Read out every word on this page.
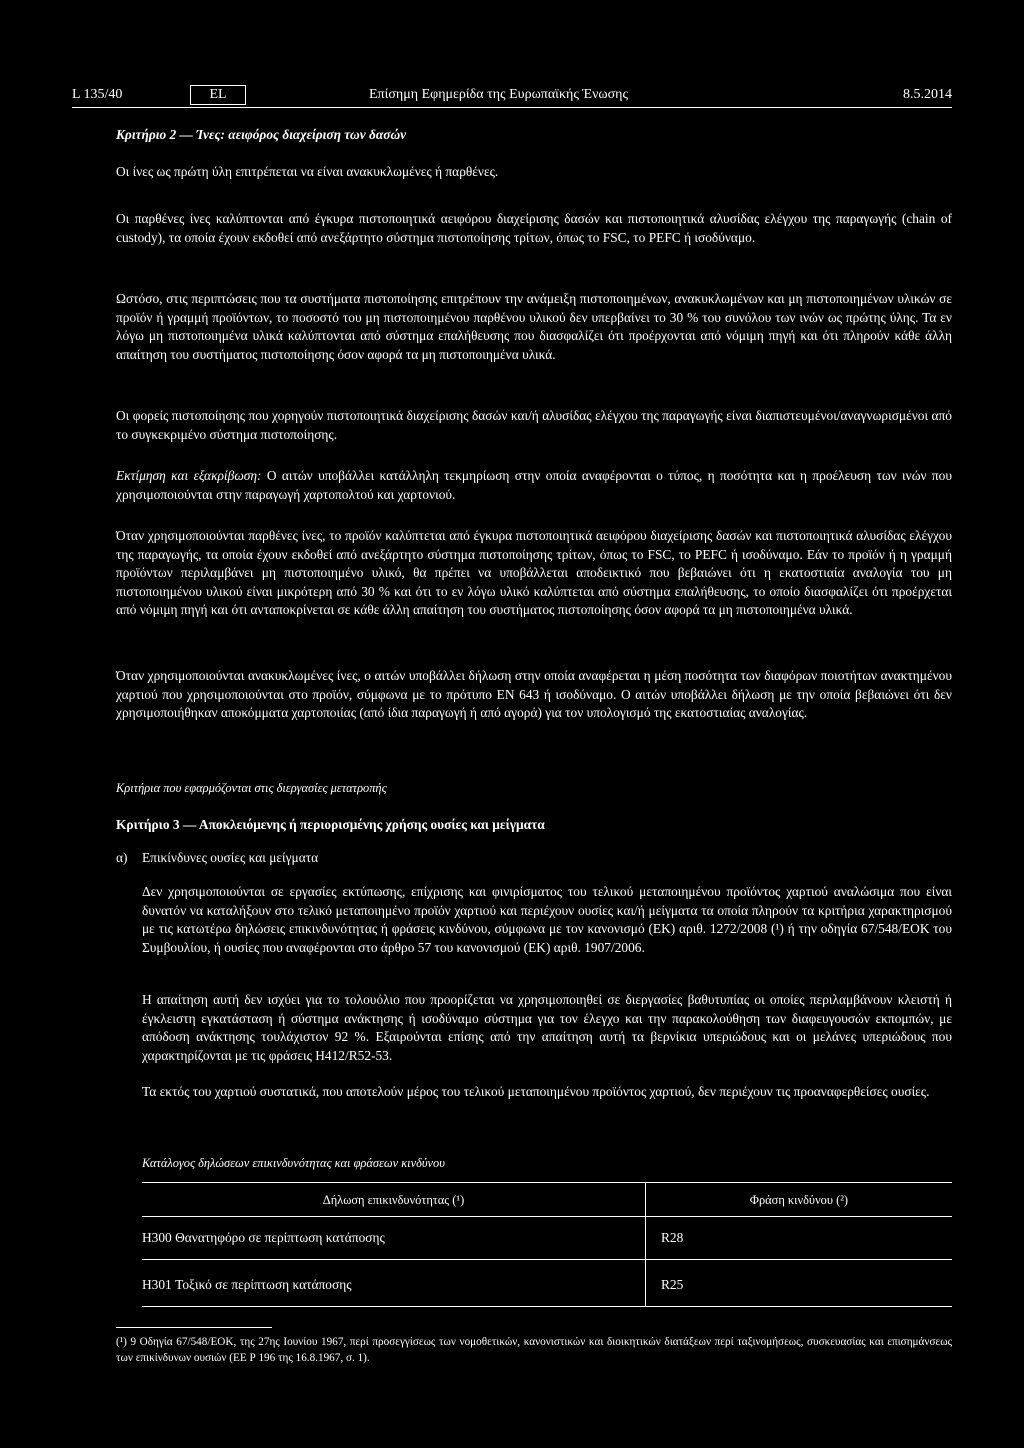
L 135/40	EL	Επίσημη Εφημερίδα της Ευρωπαϊκής Ένωσης	8.5.2014
Κριτήριο 2 — Ίνες: αειφόρος διαχείριση των δασών
Οι ίνες ως πρώτη ύλη επιτρέπεται να είναι ανακυκλωμένες ή παρθένες.
Οι παρθένες ίνες καλύπτονται από έγκυρα πιστοποιητικά αειφόρου διαχείρισης δασών και πιστοποιητικά αλυσίδας ελέγχου της παραγωγής (chain of custody), τα οποία έχουν εκδοθεί από ανεξάρτητο σύστημα πιστοποίησης τρίτων, όπως το FSC, το PEFC ή ισοδύναμο.
Ωστόσο, στις περιπτώσεις που τα συστήματα πιστοποίησης επιτρέπουν την ανάμειξη πιστοποιημένων, ανακυκλωμένων και μη πιστοποιημένων υλικών σε προϊόν ή γραμμή προϊόντων, το ποσοστό του μη πιστοποιημένου παρθένου υλικού δεν υπερβαίνει το 30 % του συνόλου των ινών ως πρώτης ύλης. Τα εν λόγω μη πιστοποιημένα υλικά καλύπτονται από σύστημα επαλήθευσης που διασφαλίζει ότι προέρχονται από νόμιμη πηγή και ότι πληρούν κάθε άλλη απαίτηση του συστήματος πιστοποίησης όσον αφορά τα μη πιστοποιημένα υλικά.
Οι φορείς πιστοποίησης που χορηγούν πιστοποιητικά διαχείρισης δασών και/ή αλυσίδας ελέγχου της παραγωγής είναι διαπιστευμένοι/αναγνωρισμένοι από το συγκεκριμένο σύστημα πιστοποίησης.
Εκτίμηση και εξακρίβωση: Ο αιτών υποβάλλει κατάλληλη τεκμηρίωση στην οποία αναφέρονται ο τύπος, η ποσότητα και η προέλευση των ινών που χρησιμοποιούνται στην παραγωγή χαρτοπολτού και χαρτονιού.
Όταν χρησιμοποιούνται παρθένες ίνες, το προϊόν καλύπτεται από έγκυρα πιστοποιητικά αειφόρου διαχείρισης δασών και πιστοποιητικά αλυσίδας ελέγχου της παραγωγής, τα οποία έχουν εκδοθεί από ανεξάρτητο σύστημα πιστοποίησης τρίτων, όπως το FSC, το PEFC ή ισοδύναμο. Εάν το προϊόν ή η γραμμή προϊόντων περιλαμβάνει μη πιστοποιημένο υλικό, θα πρέπει να υποβάλλεται αποδεικτικό που βεβαιώνει ότι η εκατοστιαία αναλογία του μη πιστοποιημένου υλικού είναι μικρότερη από 30 % και ότι το εν λόγω υλικό καλύπτεται από σύστημα επαλήθευσης, το οποίο διασφαλίζει ότι προέρχεται από νόμιμη πηγή και ότι ανταποκρίνεται σε κάθε άλλη απαίτηση του συστήματος πιστοποίησης όσον αφορά τα μη πιστοποιημένα υλικά.
Όταν χρησιμοποιούνται ανακυκλωμένες ίνες, ο αιτών υποβάλλει δήλωση στην οποία αναφέρεται η μέση ποσότητα των διαφόρων ποιοτήτων ανακτημένου χαρτιού που χρησιμοποιούνται στο προϊόν, σύμφωνα με το πρότυπο EN 643 ή ισοδύναμο. Ο αιτών υποβάλλει δήλωση με την οποία βεβαιώνει ότι δεν χρησιμοποιήθηκαν αποκόμματα χαρτοποιίας (από ίδια παραγωγή ή από αγορά) για τον υπολογισμό της εκατοστιαίας αναλογίας.
Κριτήρια που εφαρμόζονται στις διεργασίες μετατροπής
Κριτήριο 3 — Αποκλειόμενης ή περιορισμένης χρήσης ουσίες και μείγματα
α) Επικίνδυνες ουσίες και μείγματα
Δεν χρησιμοποιούνται σε εργασίες εκτύπωσης, επίχρισης και φινιρίσματος του τελικού μεταποιημένου προϊόντος χαρτιού αναλώσιμα που είναι δυνατόν να καταλήξουν στο τελικό μεταποιημένο προϊόν χαρτιού και περιέχουν ουσίες και/ή μείγματα τα οποία πληρούν τα κριτήρια χαρακτηρισμού με τις κατωτέρω δηλώσεις επικινδυνότητας ή φράσεις κινδύνου, σύμφωνα με τον κανονισμό (ΕΚ) αριθ. 1272/2008 (¹) ή την οδηγία 67/548/ΕΟΚ του Συμβουλίου, ή ουσίες που αναφέρονται στο άρθρο 57 του κανονισμού (ΕΚ) αριθ. 1907/2006.
Η απαίτηση αυτή δεν ισχύει για το τολουόλιο που προορίζεται να χρησιμοποιηθεί σε διεργασίες βαθυτυπίας οι οποίες περιλαμβάνουν κλειστή ή έγκλειστη εγκατάσταση ή σύστημα ανάκτησης ή ισοδύναμο σύστημα για τον έλεγχο και την παρακολούθηση των διαφευγουσών εκπομπών, με απόδοση ανάκτησης τουλάχιστον 92 %. Εξαιρούνται επίσης από την απαίτηση αυτή τα βερνίκια υπεριώδους και οι μελάνες υπεριώδους που χαρακτηρίζονται με τις φράσεις H412/R52-53.
Τα εκτός του χαρτιού συστατικά, που αποτελούν μέρος του τελικού μεταποιημένου προϊόντος χαρτιού, δεν περιέχουν τις προαναφερθείσες ουσίες.
Κατάλογος δηλώσεων επικινδυνότητας και φράσεων κινδύνου
Δήλωση επικινδυνότητας (¹)	Φράση κινδύνου (²)
H300 Θανατηφόρο σε περίπτωση κατάποσης	R28
H301 Τοξικό σε περίπτωση κατάποσης	R25
(¹) 9 Οδηγία 67/548/ΕΟΚ, της 27ης Ιουνίου 1967, περί προσεγγίσεως των νομοθετικών, κανονιστικών και διοικητικών διατάξεων περί ταξινομήσεως, συσκευασίας και επισημάνσεως των επικίνδυνων ουσιών (ΕΕ Ρ 196 της 16.8.1967, σ. 1).
